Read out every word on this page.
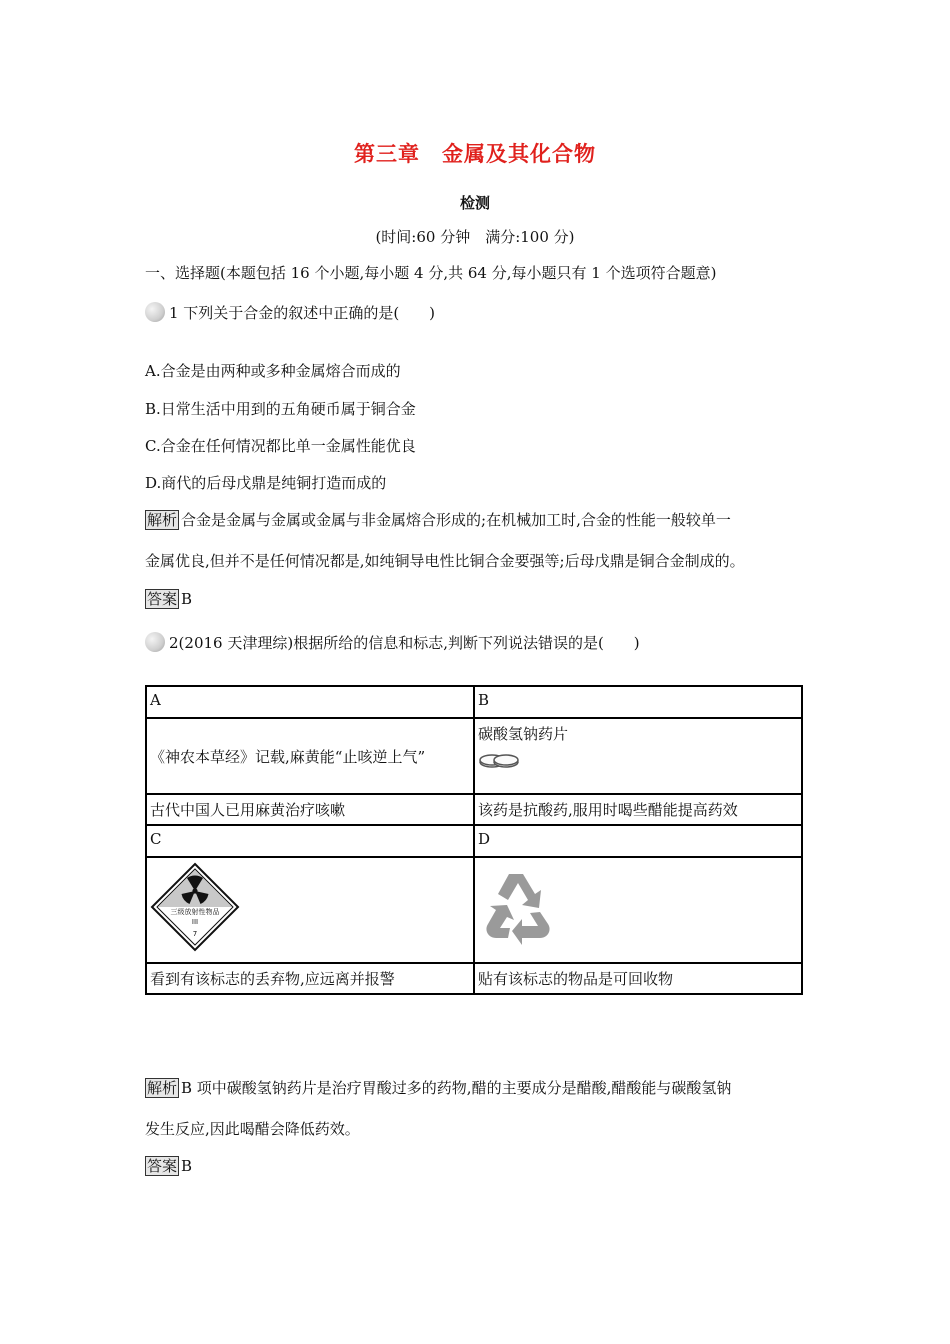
第三章　金属及其化合物
检测
(时间:60 分钟　满分:100 分)
一、选择题(本题包括 16 个小题,每小题 4 分,共 64 分,每小题只有 1 个选项符合题意)
1 下列关于合金的叙述中正确的是(　　)
A.合金是由两种或多种金属熔合而成的
B.日常生活中用到的五角硬币属于铜合金
C.合金在任何情况都比单一金属性能优良
D.商代的后母戊鼎是纯铜打造而成的
解析 合金是金属与金属或金属与非金属熔合形成的;在机械加工时,合金的性能一般较单一
金属优良,但并不是任何情况都是,如纯铜导电性比铜合金要强等;后母戊鼎是铜合金制成的。
答案 B
2(2016 天津理综)根据所给的信息和标志,判断下列说法错误的是(　　)
A	B
《神农本草经》记载,麻黄能“止咳逆上气”	碳酸氢钠药片

古代中国人已用麻黄治疗咳嗽	该药是抗酸药,服用时喝些醋能提高药效
C	D

三级放射性物品
III
7

看到有该标志的丢弃物,应远离并报警	贴有该标志的物品是可回收物
解析 B 项中碳酸氢钠药片是治疗胃酸过多的药物,醋的主要成分是醋酸,醋酸能与碳酸氢钠
发生反应,因此喝醋会降低药效。
答案 B
